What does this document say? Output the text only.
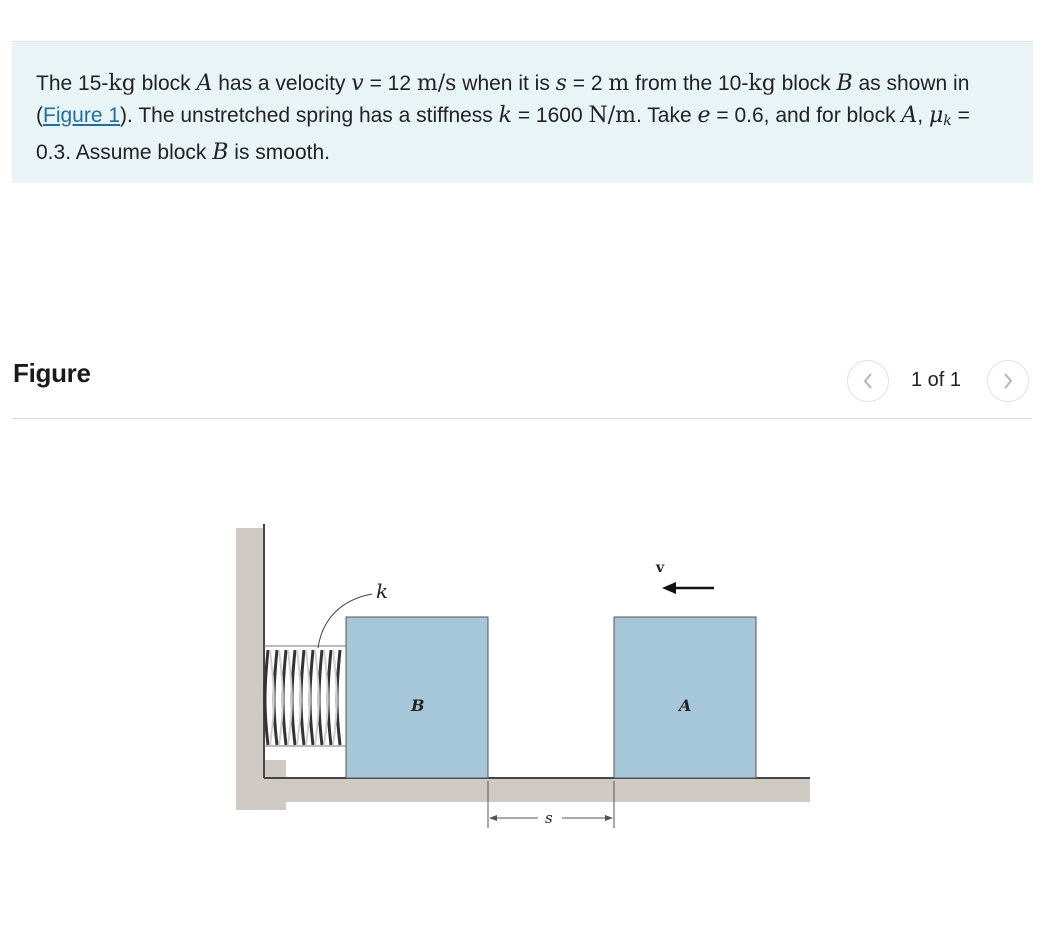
The 15-kg block A has a velocity v = 12 m/s when it is s = 2 m from the 10-kg block B as shown in (Figure 1). The unstretched spring has a stiffness k = 1600 N/m. Take e = 0.6, and for block A, $\mu_k = 0.3$. Assume block B is smooth.

Figure	1 of 1
k
B	A
v
s
